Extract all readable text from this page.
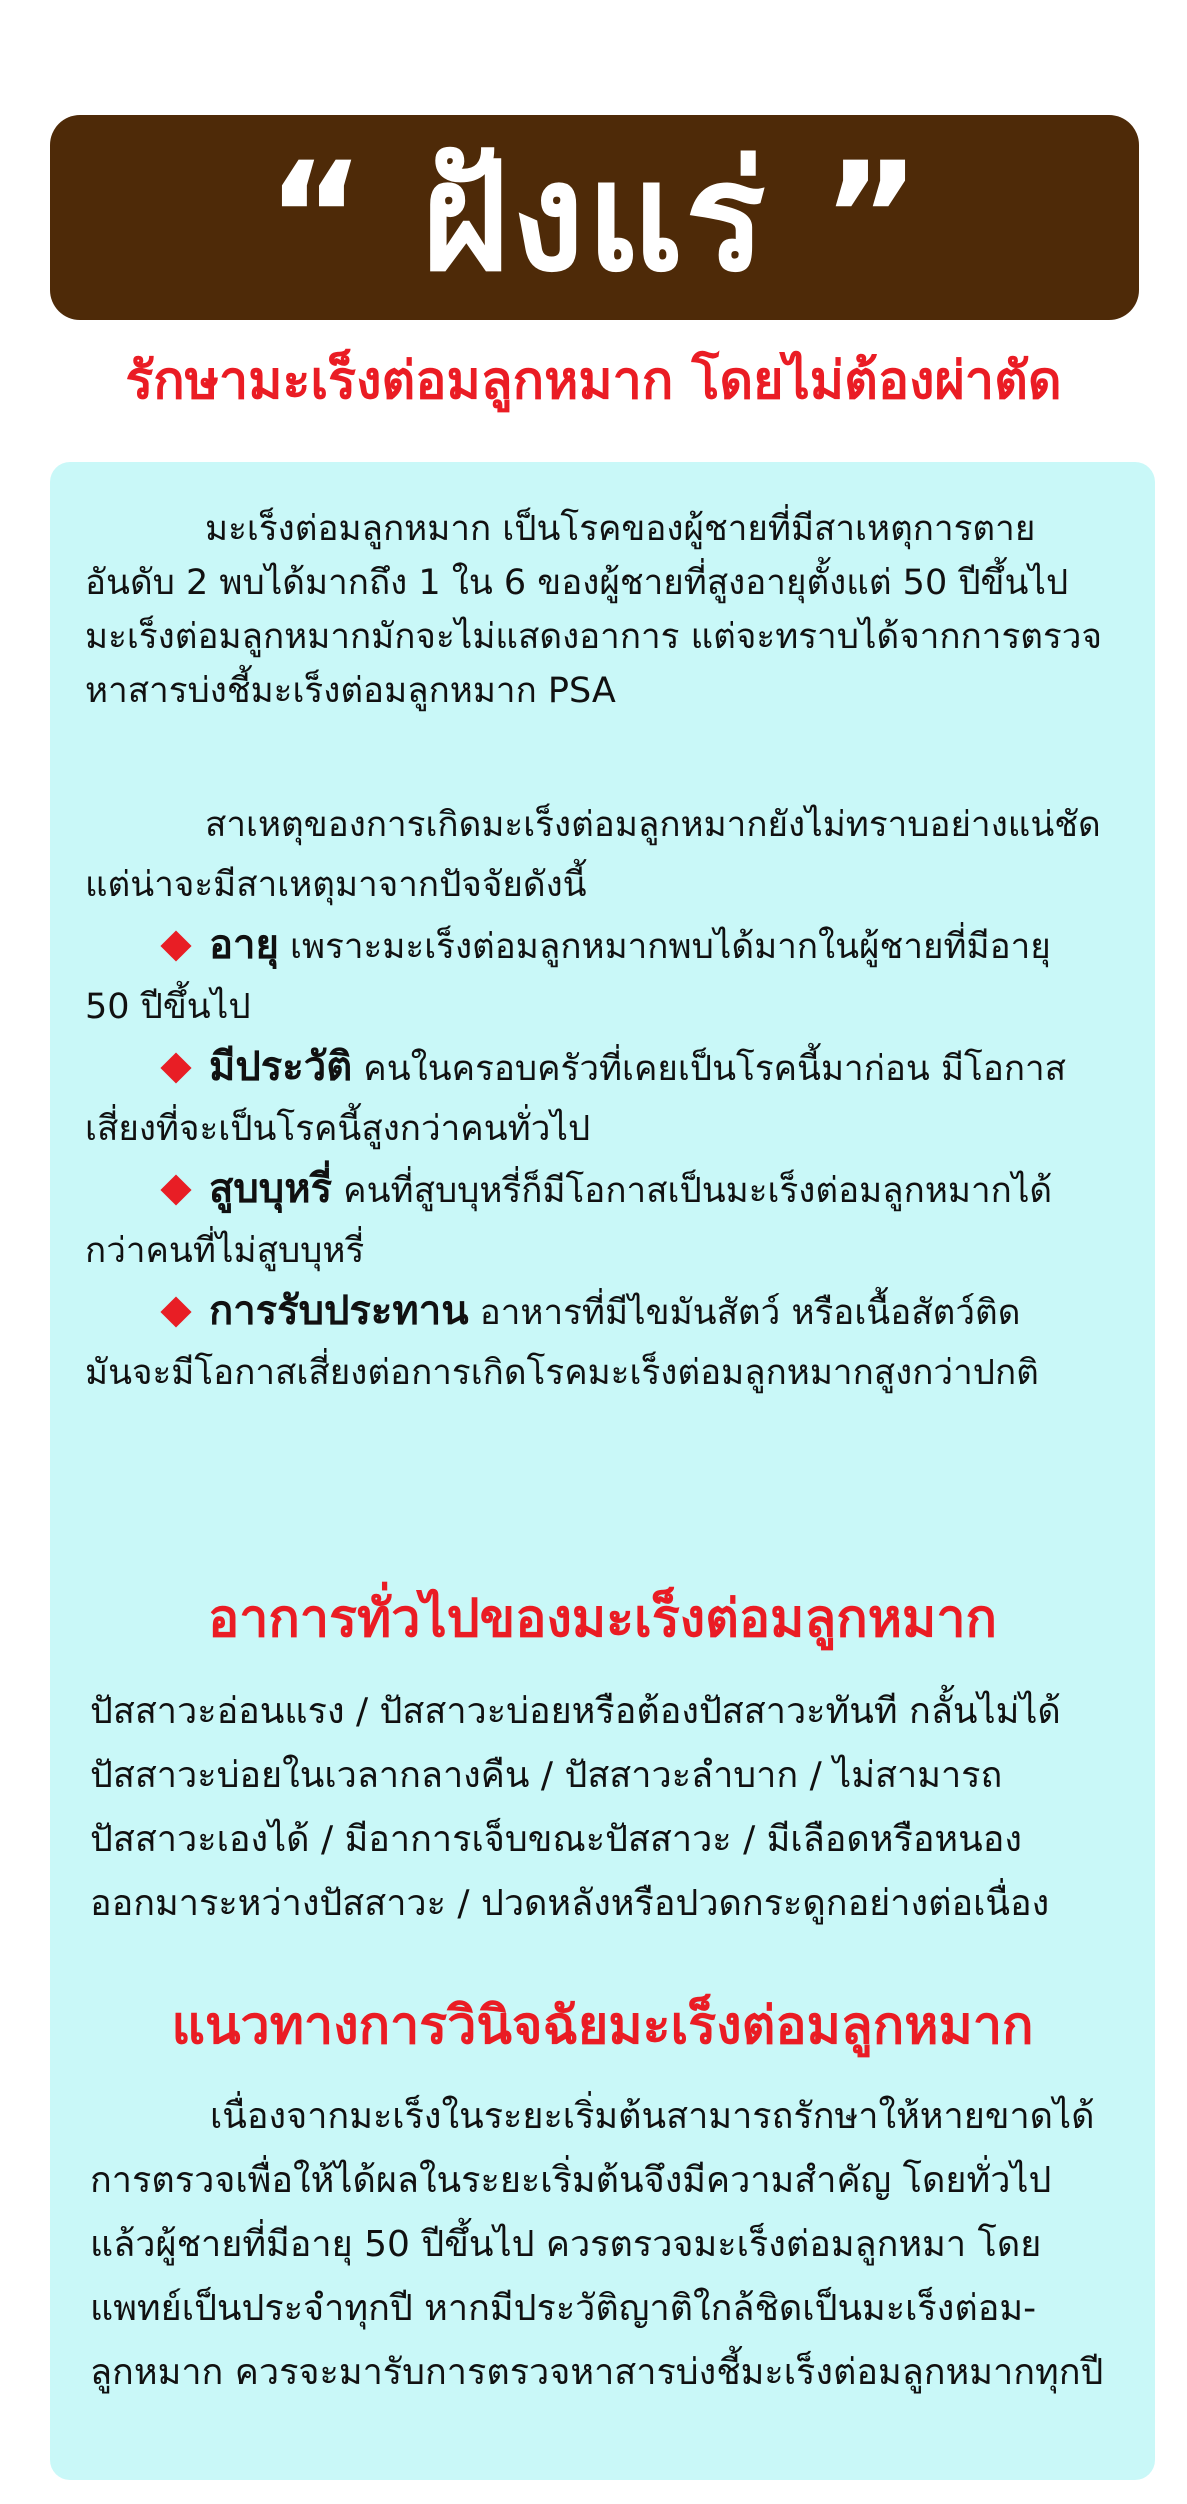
“ ฝังแร่ ”
รักษามะเร็งต่อมลูกหมาก โดยไม่ต้องผ่าตัด
มะเร็งต่อมลูกหมาก เป็นโรคของผู้ชายที่มีสาเหตุการตาย
อันดับ 2 พบได้มากถึง 1 ใน 6 ของผู้ชายที่สูงอายุตั้งแต่ 50 ปีขึ้นไป
มะเร็งต่อมลูกหมากมักจะไม่แสดงอาการ แต่จะทราบได้จากการตรวจ
หาสารบ่งชี้มะเร็งต่อมลูกหมาก PSA
สาเหตุของการเกิดมะเร็งต่อมลูกหมากยังไม่ทราบอย่างแน่ชัด
แต่น่าจะมีสาเหตุมาจากปัจจัยดังนี้
อายุ เพราะมะเร็งต่อมลูกหมากพบได้มากในผู้ชายที่มีอายุ
50 ปีขึ้นไป
มีประวัติ คนในครอบครัวที่เคยเป็นโรคนี้มาก่อน มีโอกาส
เสี่ยงที่จะเป็นโรคนี้สูงกว่าคนทั่วไป
สูบบุหรี่ คนที่สูบบุหรี่ก็มีโอกาสเป็นมะเร็งต่อมลูกหมากได้
กว่าคนที่ไม่สูบบุหรี่
การรับประทาน อาหารที่มีไขมันสัตว์ หรือเนื้อสัตว์ติด
มันจะมีโอกาสเสี่ยงต่อการเกิดโรคมะเร็งต่อมลูกหมากสูงกว่าปกติ
อาการทั่วไปของมะเร็งต่อมลูกหมาก
ปัสสาวะอ่อนแรง / ปัสสาวะบ่อยหรือต้องปัสสาวะทันที กลั้นไม่ได้
ปัสสาวะบ่อยในเวลากลางคืน / ปัสสาวะลำบาก / ไม่สามารถ
ปัสสาวะเองได้ / มีอาการเจ็บขณะปัสสาวะ / มีเลือดหรือหนอง
ออกมาระหว่างปัสสาวะ / ปวดหลังหรือปวดกระดูกอย่างต่อเนื่อง
แนวทางการวินิจฉัยมะเร็งต่อมลูกหมาก
เนื่องจากมะเร็งในระยะเริ่มต้นสามารถรักษาให้หายขาดได้
การตรวจเพื่อให้ได้ผลในระยะเริ่มต้นจึงมีความสำคัญ โดยทั่วไป
แล้วผู้ชายที่มีอายุ 50 ปีขึ้นไป ควรตรวจมะเร็งต่อมลูกหมา โดย
แพทย์เป็นประจำทุกปี หากมีประวัติญาติใกล้ชิดเป็นมะเร็งต่อม-
ลูกหมาก ควรจะมารับการตรวจหาสารบ่งชี้มะเร็งต่อมลูกหมากทุกปี
